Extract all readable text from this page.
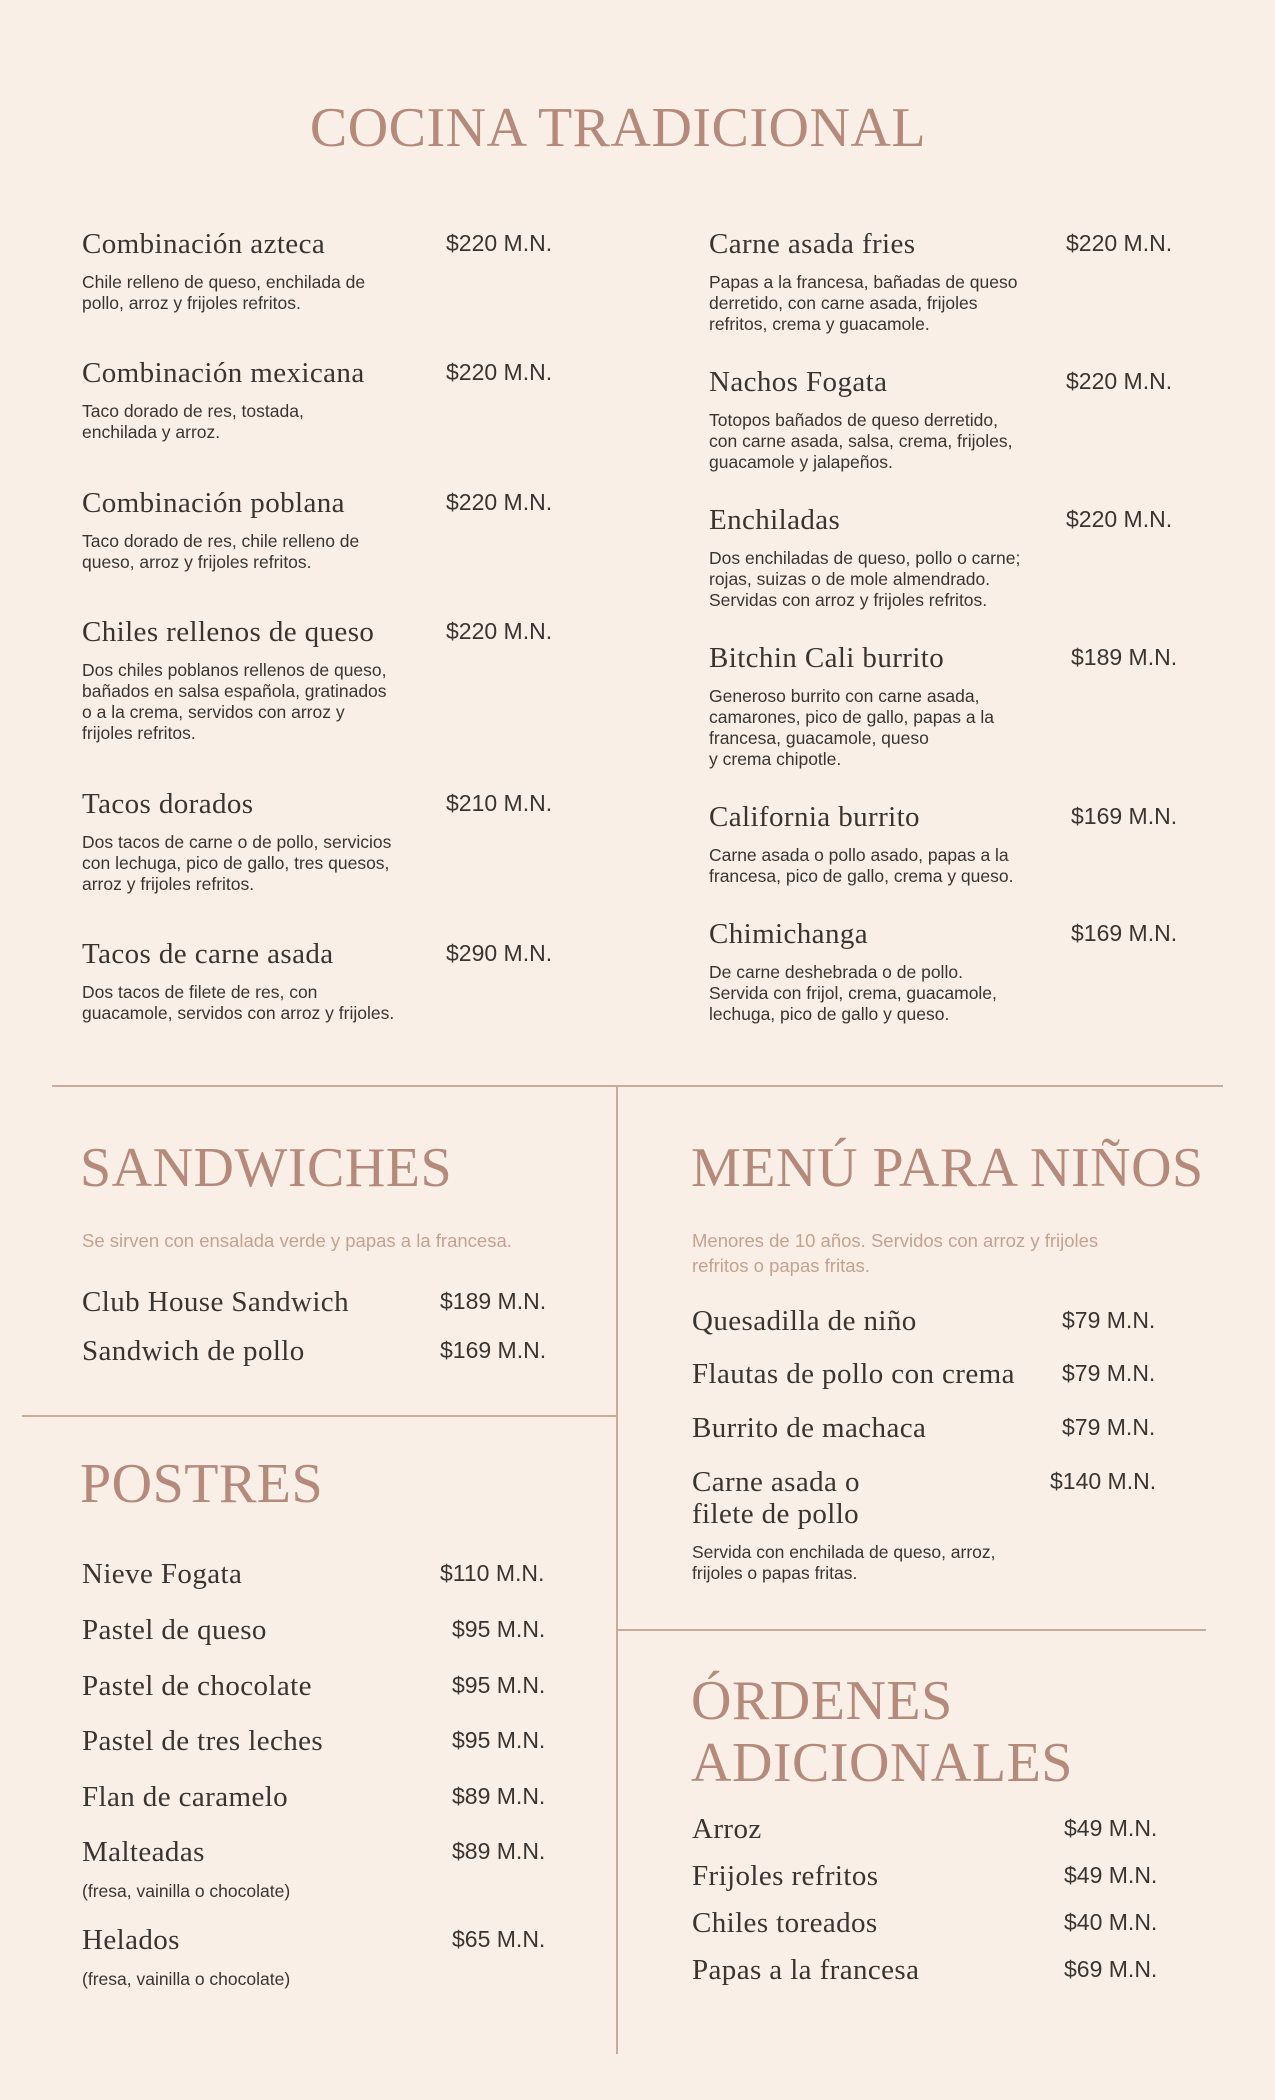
COCINA TRADICIONAL
Combinación azteca	$220 M.N.
Chile relleno de queso, enchilada de
pollo, arroz y frijoles refritos.
Combinación mexicana	$220 M.N.
Taco dorado de res, tostada,
enchilada y arroz.
Combinación poblana	$220 M.N.
Taco dorado de res, chile relleno de
queso, arroz y frijoles refritos.
Chiles rellenos de queso	$220 M.N.
Dos chiles poblanos rellenos de queso,
bañados en salsa española, gratinados
o a la crema, servidos con arroz y
frijoles refritos.
Tacos dorados	$210 M.N.
Dos tacos de carne o de pollo, servicios
con lechuga, pico de gallo, tres quesos,
arroz y frijoles refritos.
Tacos de carne asada	$290 M.N.
Dos tacos de filete de res, con
guacamole, servidos con arroz y frijoles.
Carne asada fries	$220 M.N.
Papas a la francesa, bañadas de queso
derretido, con carne asada, frijoles
refritos, crema y guacamole.
Nachos Fogata	$220 M.N.
Totopos bañados de queso derretido,
con carne asada, salsa, crema, frijoles,
guacamole y jalapeños.
Enchiladas	$220 M.N.
Dos enchiladas de queso, pollo o carne;
rojas, suizas o de mole almendrado.
Servidas con arroz y frijoles refritos.
Bitchin Cali burrito	$189 M.N.
Generoso burrito con carne asada,
camarones, pico de gallo, papas a la
francesa, guacamole, queso
y crema chipotle.
California burrito	$169 M.N.
Carne asada o pollo asado, papas a la
francesa, pico de gallo, crema y queso.
Chimichanga	$169 M.N.
De carne deshebrada o de pollo.
Servida con frijol, crema, guacamole,
lechuga, pico de gallo y queso.
SANDWICHES
Se sirven con ensalada verde y papas a la francesa.
Club House Sandwich	$189 M.N.
Sandwich de pollo	$169 M.N.
POSTRES
Nieve Fogata	$110 M.N.
Pastel de queso	$95 M.N.
Pastel de chocolate	$95 M.N.
Pastel de tres leches	$95 M.N.
Flan de caramelo	$89 M.N.
Malteadas	$89 M.N.
(fresa, vainilla o chocolate)
Helados	$65 M.N.
(fresa, vainilla o chocolate)
MENÚ PARA NIÑOS
Menores de 10 años. Servidos con arroz y frijoles
refritos o papas fritas.
Quesadilla de niño	$79 M.N.
Flautas de pollo con crema $79 M.N.
Burrito de machaca	$79 M.N.
Carne asada o
filete de pollo
$140 M.N.
Servida con enchilada de queso, arroz,
frijoles o papas fritas.
ÓRDENES
ADICIONALES
Arroz	$49 M.N.
Frijoles refritos	$49 M.N.
Chiles toreados	$40 M.N.
Papas a la francesa	$69 M.N.
